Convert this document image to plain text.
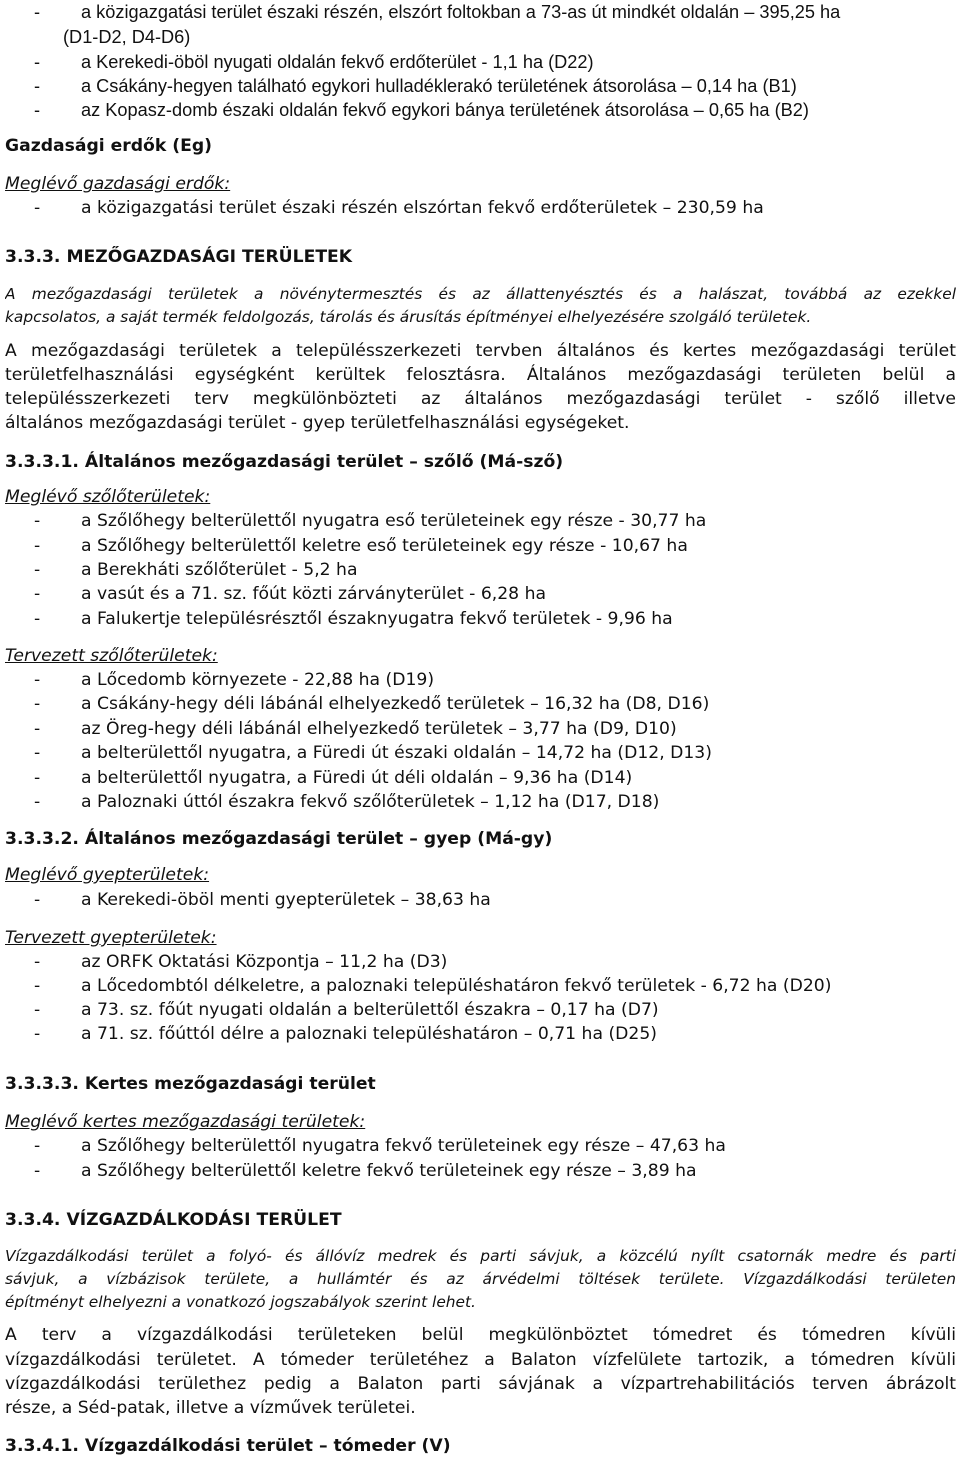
- a közigazgatási terület északi részén, elszórt foltokban a 73-as út mindkét oldalán – 395,25 ha
(D1-D2, D4-D6)
- a Kerekedi-öböl nyugati oldalán fekvő erdőterület - 1,1 ha (D22)
- a Csákány-hegyen található egykori hulladéklerakó területének átsorolása – 0,14 ha (B1)
- az Kopasz-domb északi oldalán fekvő egykori bánya területének átsorolása – 0,65 ha (B2)
Gazdasági erdők (Eg)
Meglévő gazdasági erdők:
- a közigazgatási terület északi részén elszórtan fekvő erdőterületek – 230,59 ha
3.3.3. MEZŐGAZDASÁGI TERÜLETEK
A mezőgazdasági területek a növénytermesztés és az állattenyésztés és a halászat, továbbá az ezekkel
kapcsolatos, a saját termék feldolgozás, tárolás és árusítás építményei elhelyezésére szolgáló területek.
A mezőgazdasági területek a településszerkezeti tervben általános és kertes mezőgazdasági terület
területfelhasználási egységként kerültek felosztásra. Általános mezőgazdasági területen belül a
településszerkezeti terv megkülönbözteti az általános mezőgazdasági terület - szőlő illetve
általános mezőgazdasági terület - gyep területfelhasználási egységeket.
3.3.3.1. Általános mezőgazdasági terület – szőlő (Má-sző)
Meglévő szőlőterületek:
- a Szőlőhegy belterülettől nyugatra eső területeinek egy része - 30,77 ha
- a Szőlőhegy belterülettől keletre eső területeinek egy része - 10,67 ha
- a Berekháti szőlőterület - 5,2 ha
- a vasút és a 71. sz. főút közti zárványterület - 6,28 ha
- a Falukertje településrésztől északnyugatra fekvő területek - 9,96 ha
Tervezett szőlőterületek:
- a Lőcedomb környezete - 22,88 ha (D19)
- a Csákány-hegy déli lábánál elhelyezkedő területek – 16,32 ha (D8, D16)
- az Öreg-hegy déli lábánál elhelyezkedő területek – 3,77 ha (D9, D10)
- a belterülettől nyugatra, a Füredi út északi oldalán – 14,72 ha (D12, D13)
- a belterülettől nyugatra, a Füredi út déli oldalán – 9,36 ha (D14)
- a Paloznaki úttól északra fekvő szőlőterületek – 1,12 ha (D17, D18)
3.3.3.2. Általános mezőgazdasági terület – gyep (Má-gy)
Meglévő gyepterületek:
- a Kerekedi-öböl menti gyepterületek – 38,63 ha
Tervezett gyepterületek:
- az ORFK Oktatási Központja – 11,2 ha (D3)
- a Lőcedombtól délkeletre, a paloznaki településhatáron fekvő területek - 6,72 ha (D20)
- a 73. sz. főút nyugati oldalán a belterülettől északra – 0,17 ha (D7)
- a 71. sz. főúttól délre a paloznaki településhatáron – 0,71 ha (D25)
3.3.3.3. Kertes mezőgazdasági terület
Meglévő kertes mezőgazdasági területek:
- a Szőlőhegy belterülettől nyugatra fekvő területeinek egy része – 47,63 ha
- a Szőlőhegy belterülettől keletre fekvő területeinek egy része – 3,89 ha
3.3.4. VÍZGAZDÁLKODÁSI TERÜLET
Vízgazdálkodási terület a folyó- és állóvíz medrek és parti sávjuk, a közcélú nyílt csatornák medre és parti
sávjuk, a vízbázisok területe, a hullámtér és az árvédelmi töltések területe. Vízgazdálkodási területen
építményt elhelyezni a vonatkozó jogszabályok szerint lehet.
A terv a vízgazdálkodási területeken belül megkülönböztet tómedret és tómedren kívüli
vízgazdálkodási területet. A tómeder területéhez a Balaton vízfelülete tartozik, a tómedren kívüli
vízgazdálkodási területhez pedig a Balaton parti sávjának a vízpartrehabilitációs terven ábrázolt
része, a Séd-patak, illetve a vízművek területei.
3.3.4.1. Vízgazdálkodási terület – tómeder (V)
